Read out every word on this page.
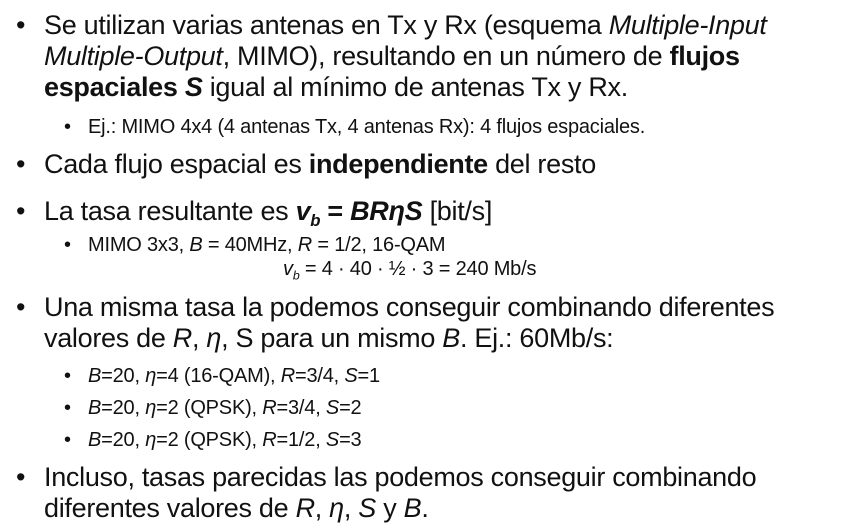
• Se utilizan varias antenas en Tx y Rx (esquema Multiple-Input Multiple-Output, MIMO), resultando en un número de flujos espaciales S igual al mínimo de antenas Tx y Rx.
• Ej.: MIMO 4x4 (4 antenas Tx, 4 antenas Rx): 4 flujos espaciales.
• Cada flujo espacial es independiente del resto
• La tasa resultante es $v_b = BR\eta S$ [bit/s]
• MIMO 3x3, B = 40MHz, R = 1/2, 16-QAM
$v_b = 4 \cdot 40$ · ½ · 3 = 240 Mb/s
• Una misma tasa la podemos conseguir combinando diferentes valores de R, η, S para un mismo B. Ej.: 60Mb/s:
• B=20, η=4 (16-QAM), R=3/4, S=1
• B=20, η=2 (QPSK), R=3/4, S=2
• B=20, η=2 (QPSK), R=1/2, S=3
• Incluso, tasas parecidas las podemos conseguir combinando diferentes valores de R, η, S y B.
